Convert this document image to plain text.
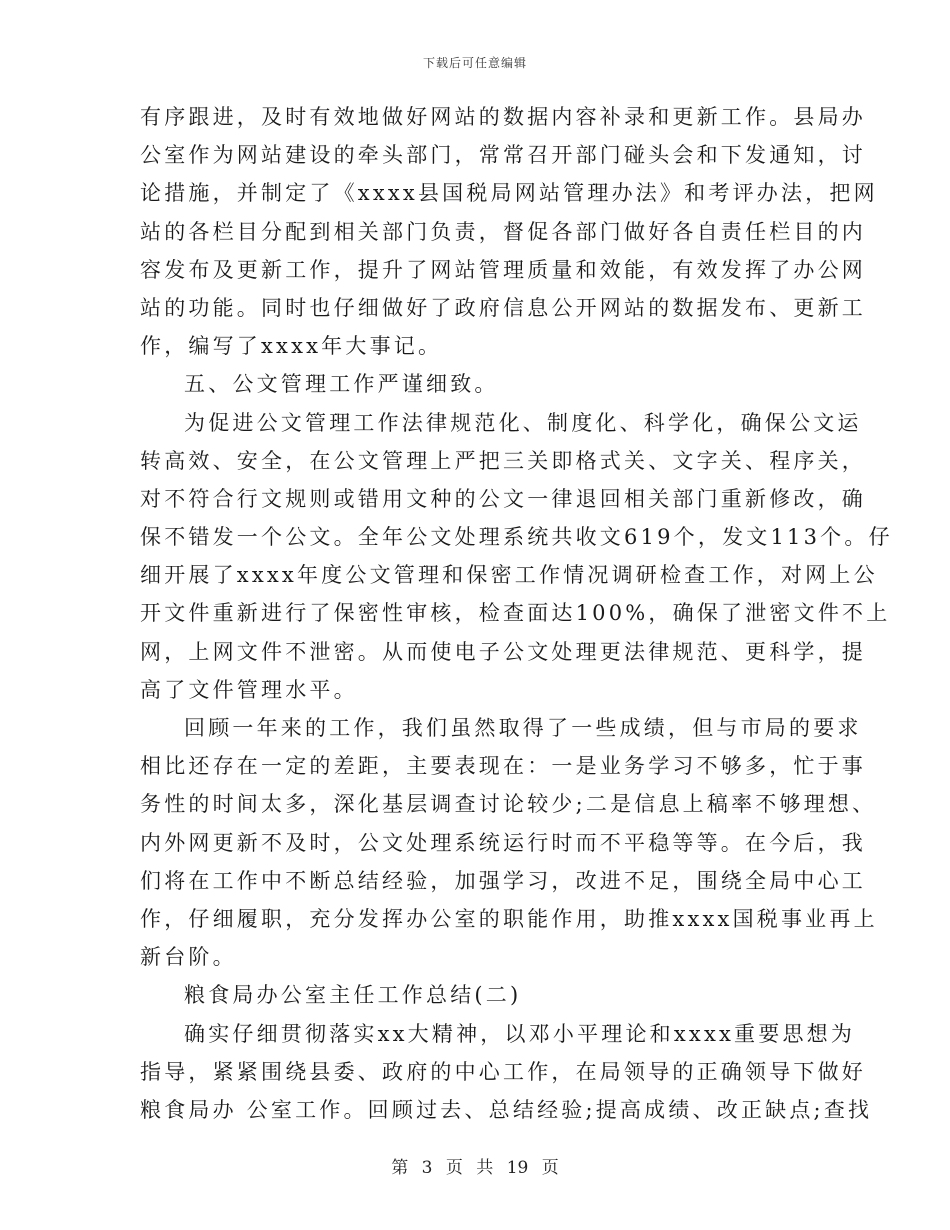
下载后可任意编辑
有序跟进，及时有效地做好网站的数据内容补录和更新工作。县局办
公室作为网站建设的牵头部门，常常召开部门碰头会和下发通知，讨
论措施，并制定了《xxxx县国税局网站管理办法》和考评办法，把网
站的各栏目分配到相关部门负责，督促各部门做好各自责任栏目的内
容发布及更新工作，提升了网站管理质量和效能，有效发挥了办公网
站的功能。同时也仔细做好了政府信息公开网站的数据发布、更新工
作，编写了xxxx年大事记。
五、公文管理工作严谨细致。
为促进公文管理工作法律规范化、制度化、科学化，确保公文运
转高效、安全，在公文管理上严把三关即格式关、文字关、程序关，
对不符合行文规则或错用文种的公文一律退回相关部门重新修改，确
保不错发一个公文。全年公文处理系统共收文619个，发文113个。仔
细开展了xxxx年度公文管理和保密工作情况调研检查工作，对网上公
开文件重新进行了保密性审核，检查面达100%，确保了泄密文件不上
网，上网文件不泄密。从而使电子公文处理更法律规范、更科学，提
高了文件管理水平。
回顾一年来的工作，我们虽然取得了一些成绩，但与市局的要求
相比还存在一定的差距，主要表现在：一是业务学习不够多，忙于事
务性的时间太多，深化基层调查讨论较少;二是信息上稿率不够理想、
内外网更新不及时，公文处理系统运行时而不平稳等等。在今后，我
们将在工作中不断总结经验，加强学习，改进不足，围绕全局中心工
作，仔细履职，充分发挥办公室的职能作用，助推xxxx国税事业再上
新台阶。
粮食局办公室主任工作总结(二)
确实仔细贯彻落实xx大精神，以邓小平理论和xxxx重要思想为
指导，紧紧围绕县委、政府的中心工作，在局领导的正确领导下做好
粮食局办 公室工作。回顾过去、总结经验;提高成绩、改正缺点;查找
第 3 页 共 19 页
